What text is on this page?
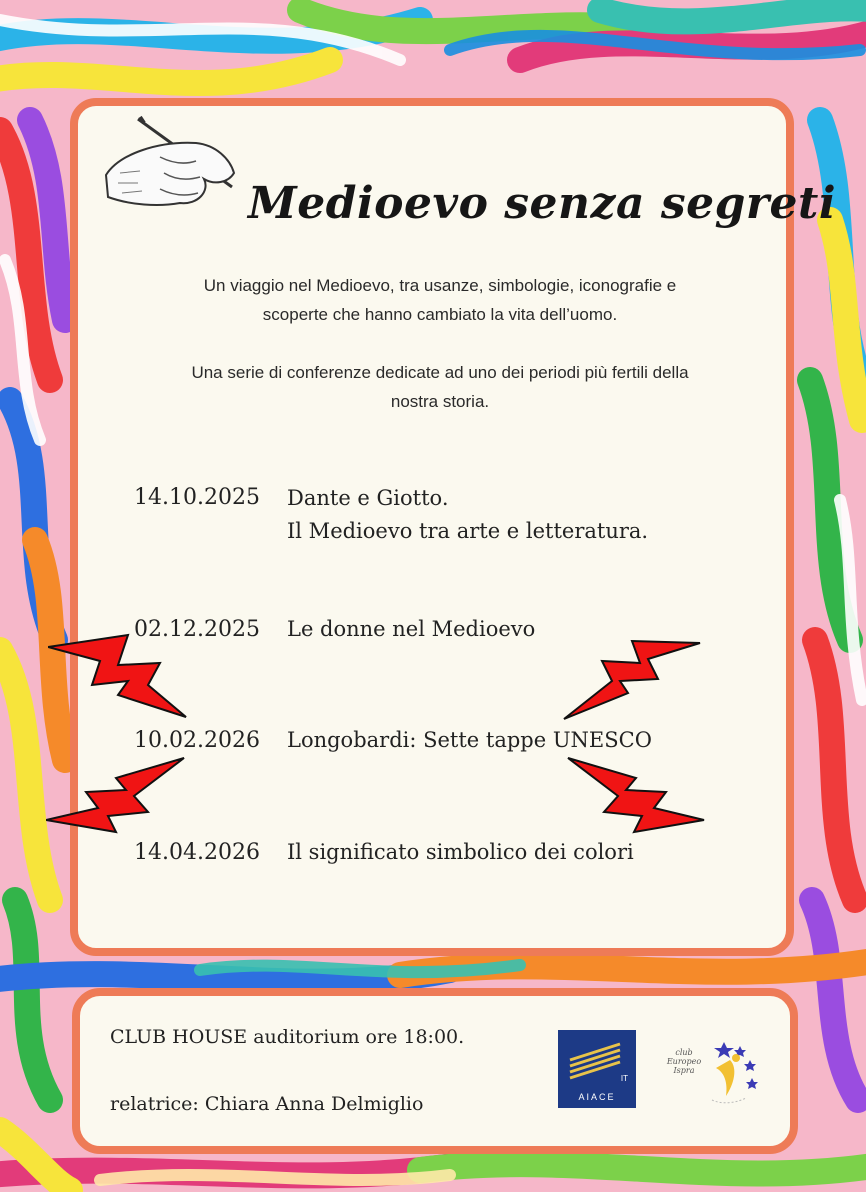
Medioevo senza segreti
Un viaggio nel Medioevo, tra usanze, simbologie, iconografie e
scoperte che hanno cambiato la vita dell’uomo.
Una serie di conferenze dedicate ad uno dei periodi più fertili della
nostra storia.
14.10.2025 Dante e Giotto.
Il Medioevo tra arte e letteratura.
02.12.2025 Le donne nel Medioevo
10.02.2026 Longobardi: Sette tappe UNESCO
14.04.2026 Il significato simbolico dei colori
CLUB HOUSE auditorium ore 18:00.
relatrice: Chiara Anna Delmiglio
IT
AIACE
club
Europeo
Ispra
